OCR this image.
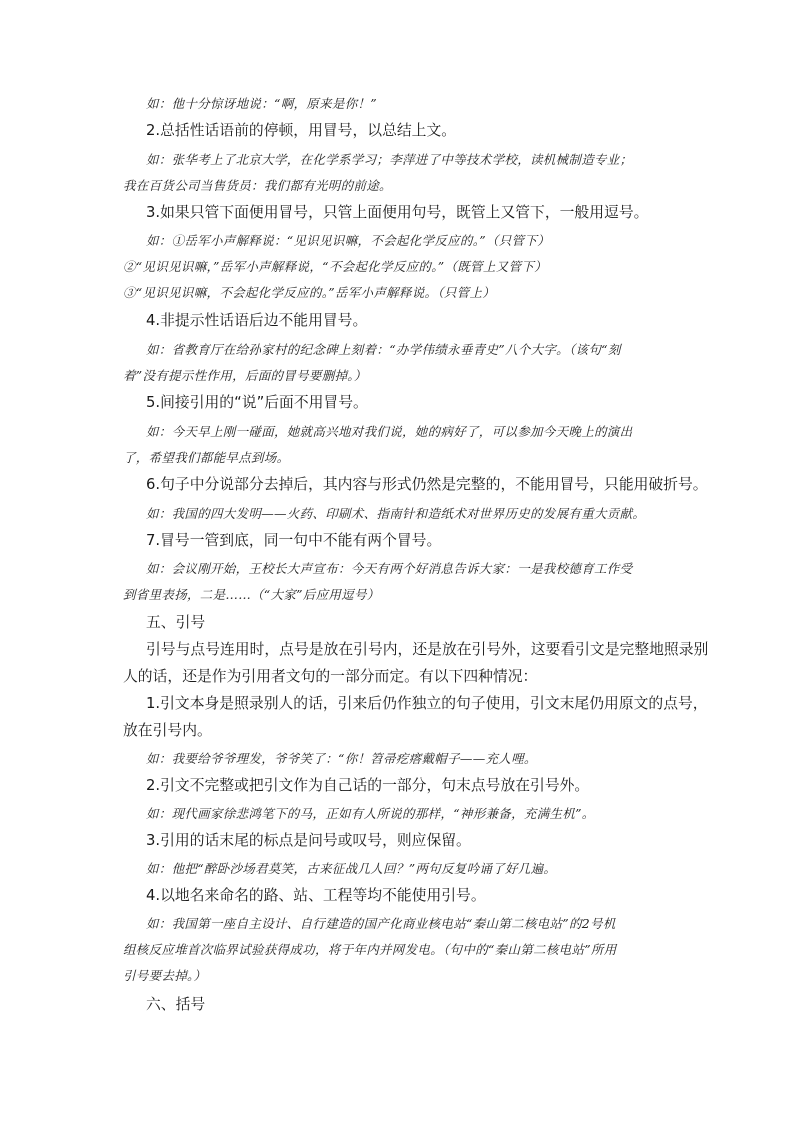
如：他十分惊讶地说：“啊，原来是你！”
2.总括性话语前的停顿，用冒号，以总结上文。
如：张华考上了北京大学，在化学系学习；李萍进了中等技术学校，读机械制造专业；
我在百货公司当售货员：我们都有光明的前途。
3.如果只管下面便用冒号，只管上面便用句号，既管上又管下，一般用逗号。
如：①岳军小声解释说：“见识见识嘛，不会起化学反应的。”（只管下）
②“见识见识嘛，”岳军小声解释说，“不会起化学反应的。”（既管上又管下）
③“见识见识嘛，不会起化学反应的。”岳军小声解释说。（只管上）
4.非提示性话语后边不能用冒号。
如：省教育厅在给孙家村的纪念碑上刻着：“办学伟绩永垂青史”八个大字。（该句“刻
着”没有提示性作用，后面的冒号要删掉。）
5.间接引用的“说”后面不用冒号。
如：今天早上刚一碰面，她就高兴地对我们说，她的病好了，可以参加今天晚上的演出
了，希望我们都能早点到场。
6.句子中分说部分去掉后，其内容与形式仍然是完整的，不能用冒号，只能用破折号。
如：我国的四大发明——火药、印刷术、指南针和造纸术对世界历史的发展有重大贡献。
7.冒号一管到底，同一句中不能有两个冒号。
如：会议刚开始，王校长大声宣布：今天有两个好消息告诉大家：一是我校德育工作受
到省里表扬，二是……（“大家”后应用逗号）
五、引号
引号与点号连用时，点号是放在引号内，还是放在引号外，这要看引文是完整地照录别
人的话，还是作为引用者文句的一部分而定。有以下四种情况：
1.引文本身是照录别人的话，引来后仍作独立的句子使用，引文末尾仍用原文的点号，
放在引号内。
如：我要给爷爷理发，爷爷笑了：“你！笤帚疙瘩戴帽子——充人哩。
2.引文不完整或把引文作为自己话的一部分，句末点号放在引号外。
如：现代画家徐悲鸿笔下的马，正如有人所说的那样，“神形兼备，充满生机”。
3.引用的话末尾的标点是问号或叹号，则应保留。
如：他把“醉卧沙场君莫笑，古来征战几人回？”两句反复吟诵了好几遍。
4.以地名来命名的路、站、工程等均不能使用引号。
如：我国第一座自主设计、自行建造的国产化商业核电站“秦山第二核电站”的2号机
组核反应堆首次临界试验获得成功，将于年内并网发电。（句中的“秦山第二核电站”所用
引号要去掉。）
六、括号
